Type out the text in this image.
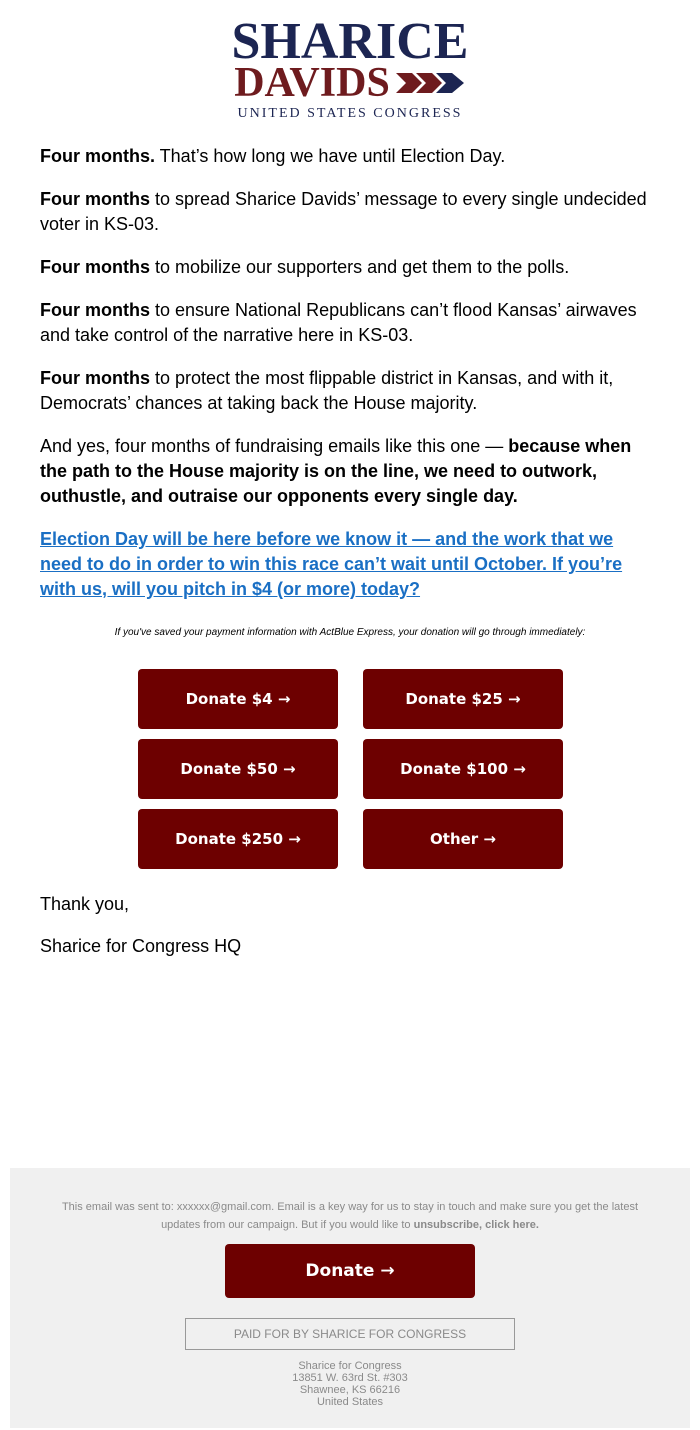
SHARICE
DAVIDS
UNITED STATES CONGRESS

Four months. That’s how long we have until Election Day.

Four months to spread Sharice Davids’ message to every single undecided voter in KS-03.

Four months to mobilize our supporters and get them to the polls.

Four months to ensure National Republicans can’t flood Kansas’ airwaves and take control of the narrative here in KS-03.

Four months to protect the most flippable district in Kansas, and with it, Democrats’ chances at taking back the House majority.

And yes, four months of fundraising emails like this one — because when the path to the House majority is on the line, we need to outwork, outhustle, and outraise our opponents every single day.

Election Day will be here before we know it — and the work that we need to do in order to win this race can’t wait until October. If you’re with us, will you pitch in $4 (or more) today?

If you've saved your payment information with ActBlue Express, your donation will go through immediately:
Donate $4 →	Donate $25 →
Donate $50 →	Donate $100 →
Donate $250 →	Other →
Thank you,
Sharice for Congress HQ
This email was sent to: xxxxxx@gmail.com. Email is a key way for us to stay in touch and make sure you get the latest updates from our campaign. But if you would like to unsubscribe, click here.
Donate →
PAID FOR BY SHARICE FOR CONGRESS
Sharice for Congress
13851 W. 63rd St. #303
Shawnee, KS 66216
United States
